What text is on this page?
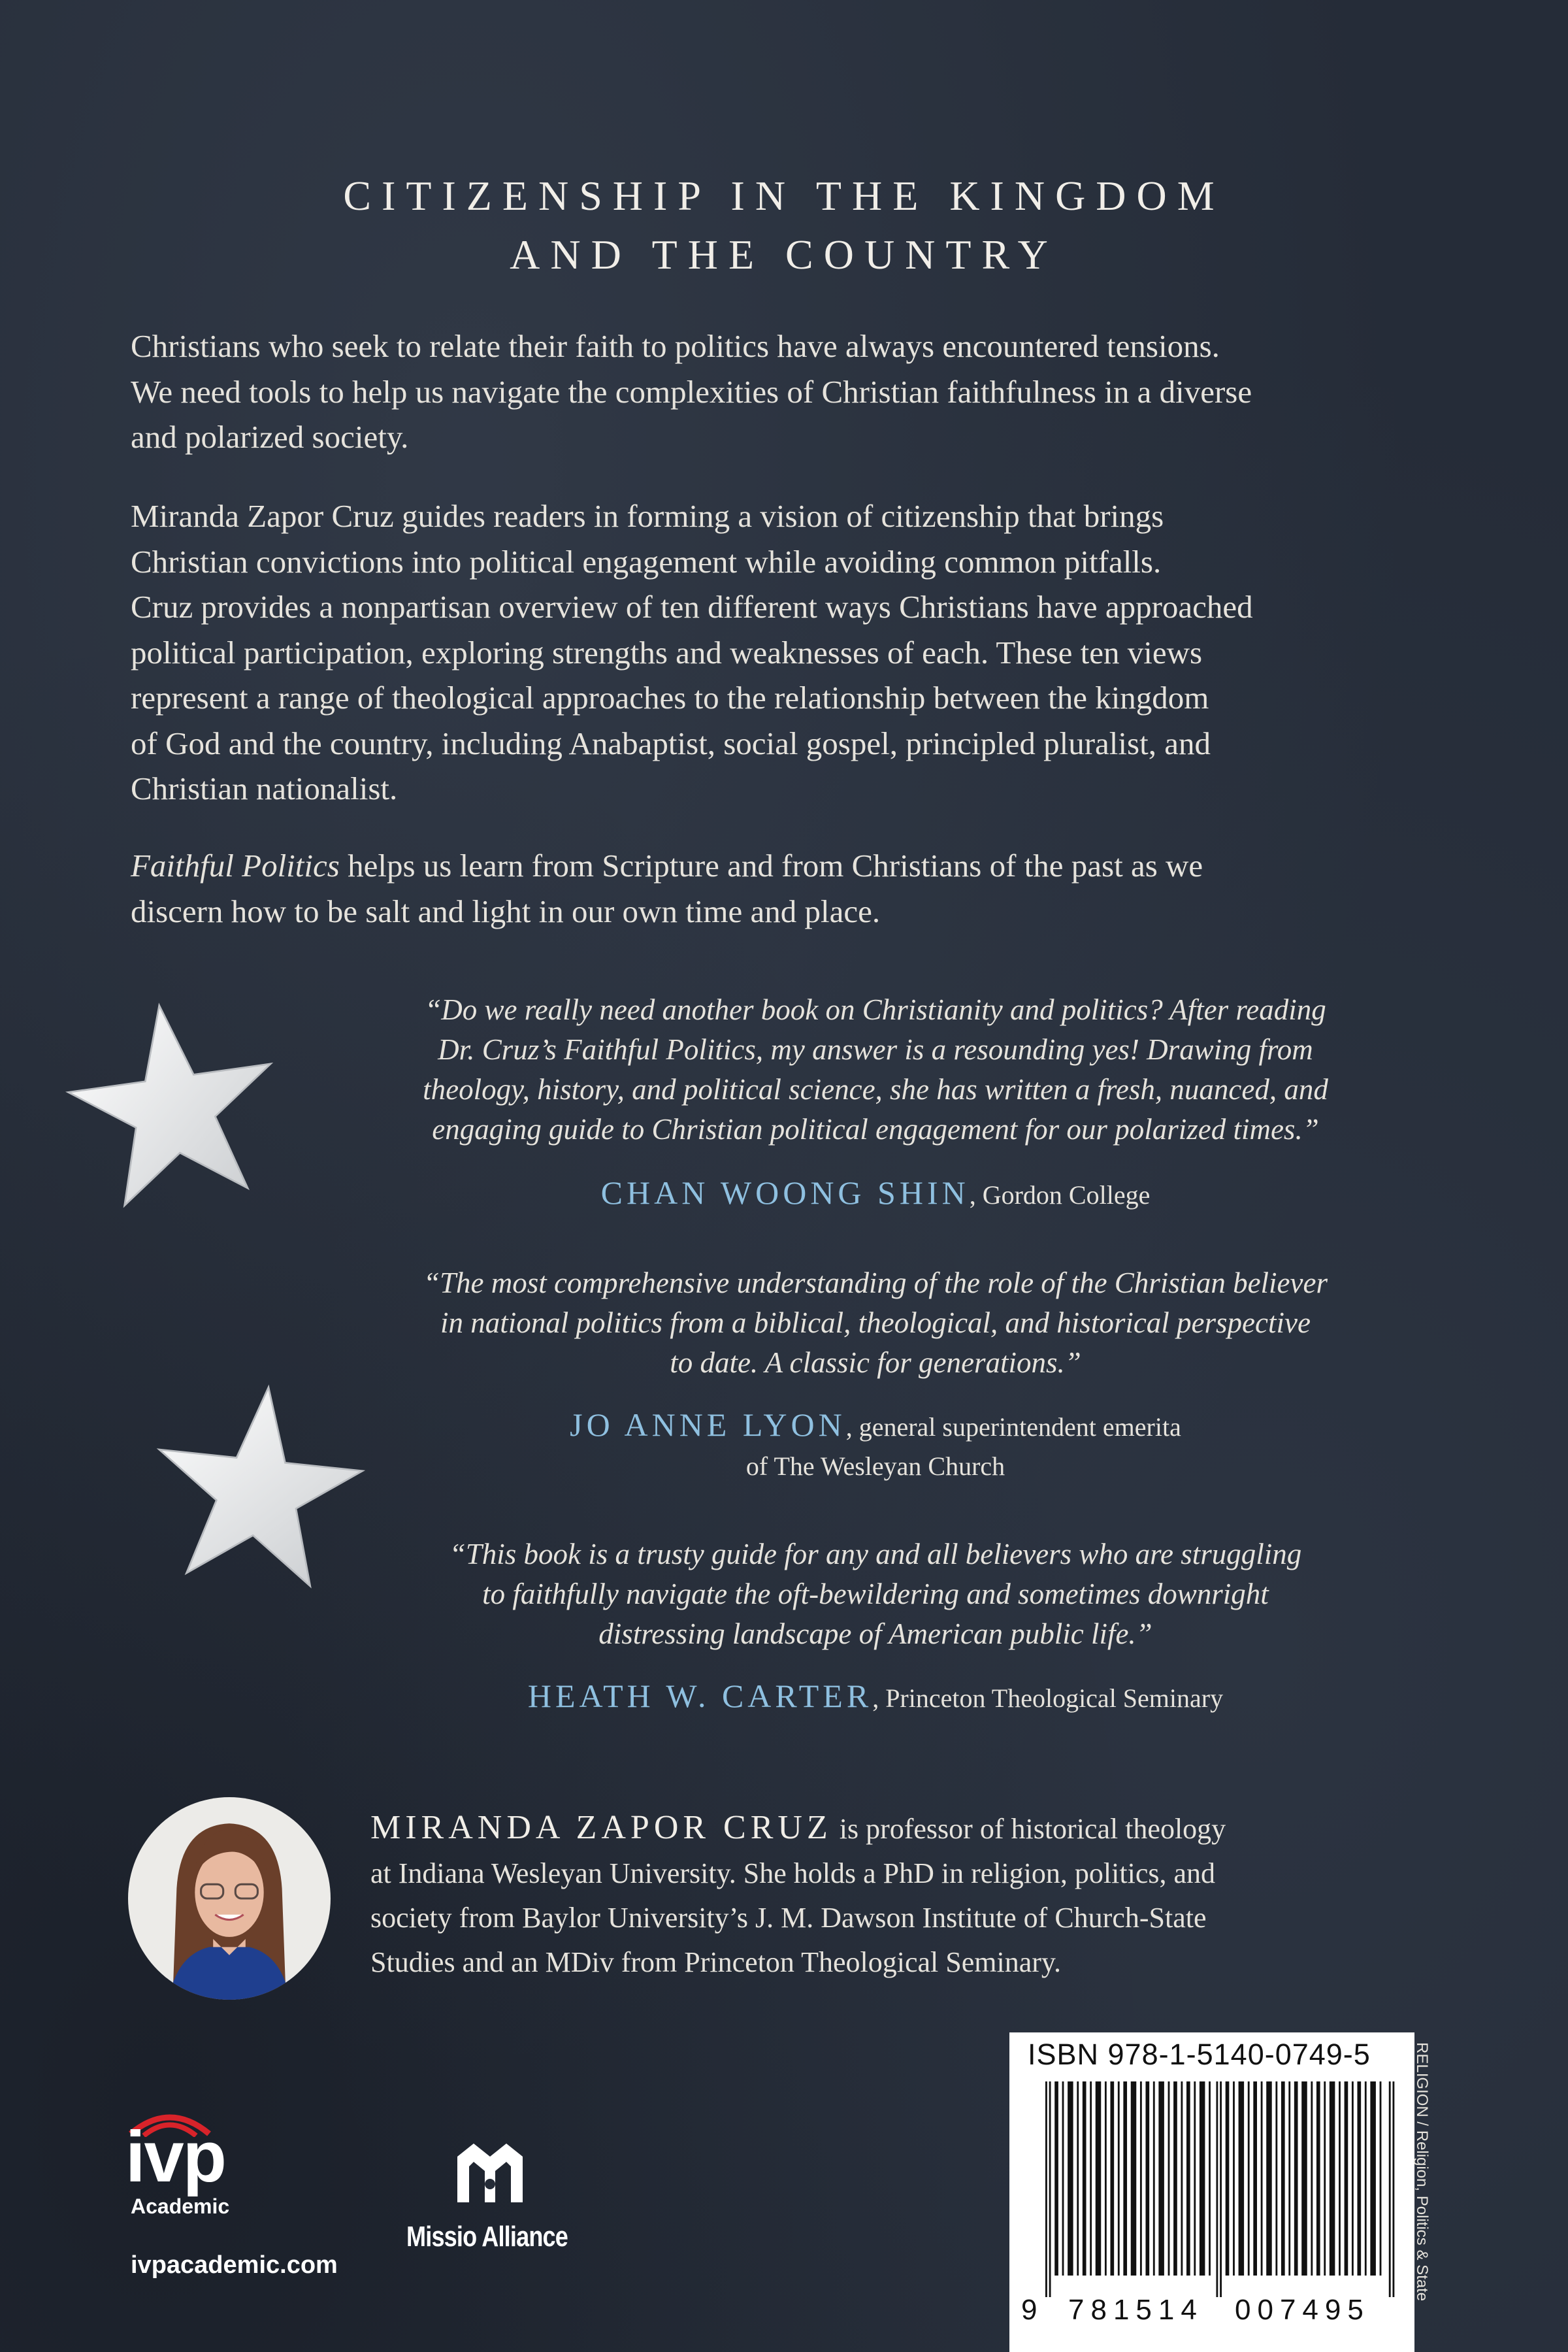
CITIZENSHIP IN THE KINGDOM
AND THE COUNTRY
Christians who seek to relate their faith to politics have always encountered tensions.
We need tools to help us navigate the complexities of Christian faithfulness in a diverse
and polarized society.
Miranda Zapor Cruz guides readers in forming a vision of citizenship that brings
Christian convictions into political engagement while avoiding common pitfalls.
Cruz provides a nonpartisan overview of ten different ways Christians have approached
political participation, exploring strengths and weaknesses of each. These ten views
represent a range of theological approaches to the relationship between the kingdom
of God and the country, including Anabaptist, social gospel, principled pluralist, and
Christian nationalist.
Faithful Politics helps us learn from Scripture and from Christians of the past as we
discern how to be salt and light in our own time and place.
“Do we really need another book on Christianity and politics? After reading
Dr. Cruz’s Faithful Politics, my answer is a resounding yes! Drawing from
theology, history, and political science, she has written a fresh, nuanced, and
engaging guide to Christian political engagement for our polarized times.”
CHAN WOONG SHIN, Gordon College
“The most comprehensive understanding of the role of the Christian believer
in national politics from a biblical, theological, and historical perspective
to date. A classic for generations.”
JO ANNE LYON, general superintendent emerita
of The Wesleyan Church
“This book is a trusty guide for any and all believers who are struggling
to faithfully navigate the oft-bewildering and sometimes downright
distressing landscape of American public life.”
HEATH W. CARTER, Princeton Theological Seminary
MIRANDA ZAPOR CRUZ is professor of historical theology
at Indiana Wesleyan University. She holds a PhD in religion, politics, and
society from Baylor University’s J. M. Dawson Institute of Church-State
Studies and an MDiv from Princeton Theological Seminary.
ivp
Academic
ivpacademic.com
Missio Alliance
ISBN 978-1-5140-0749-5
9 781514 007495
RELIGION / Religion, Politics & State
